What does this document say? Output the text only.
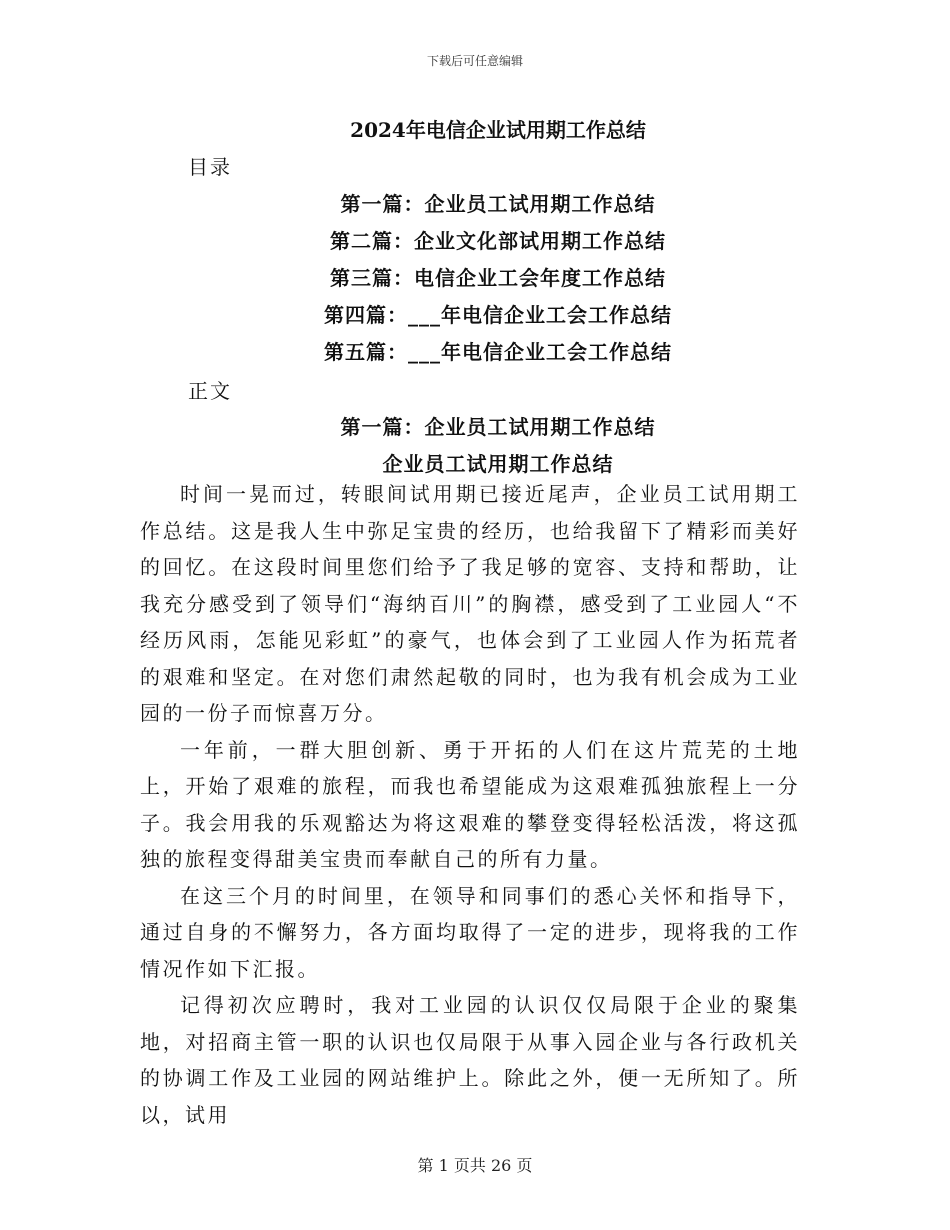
下载后可任意编辑
2024年电信企业试用期工作总结
目录
第一篇：企业员工试用期工作总结
第二篇：企业文化部试用期工作总结
第三篇：电信企业工会年度工作总结
第四篇：___年电信企业工会工作总结
第五篇：___年电信企业工会工作总结
正文
第一篇：企业员工试用期工作总结
企业员工试用期工作总结

时间一晃而过，转眼间试用期已接近尾声，企业员工试用期工作总结。这是我人生中弥足宝贵的经历，也给我留下了精彩而美好的回忆。在这段时间里您们给予了我足够的宽容、支持和帮助，让我充分感受到了领导们“海纳百川”的胸襟，感受到了工业园人“不经历风雨，怎能见彩虹”的豪气，也体会到了工业园人作为拓荒者的艰难和坚定。在对您们肃然起敬的同时，也为我有机会成为工业园的一份子而惊喜万分。

一年前，一群大胆创新、勇于开拓的人们在这片荒芜的土地上，开始了艰难的旅程，而我也希望能成为这艰难孤独旅程上一分子。我会用我的乐观豁达为将这艰难的攀登变得轻松活泼，将这孤独的旅程变得甜美宝贵而奉献自己的所有力量。

在这三个月的时间里，在领导和同事们的悉心关怀和指导下，通过自身的不懈努力，各方面均取得了一定的进步，现将我的工作情况作如下汇报。

记得初次应聘时，我对工业园的认识仅仅局限于企业的聚集地，对招商主管一职的认识也仅局限于从事入园企业与各行政机关的协调工作及工业园的网站维护上。除此之外，便一无所知了。所以，试用

第 1 页共 26 页
